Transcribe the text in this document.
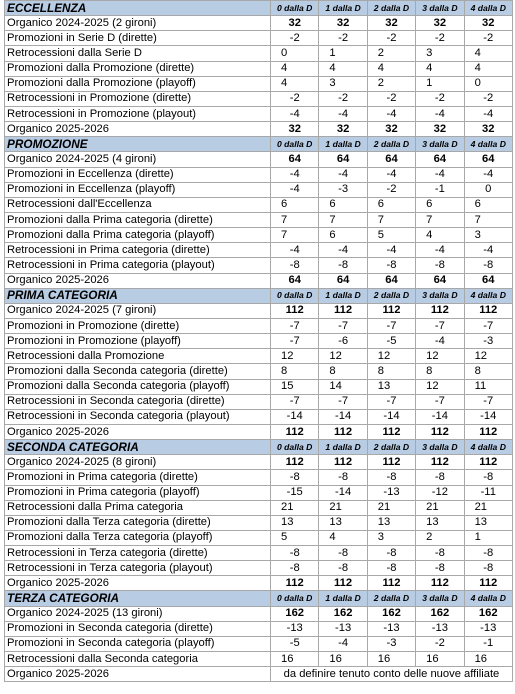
ECCELLENZA	0 dalla D	1 dalla D	2 dalla D	3 dalla D	4 dalla D
Organico 2024-2025 (2 gironi)	32	32	32	32	32
Promozioni in Serie D (dirette)	-2	-2	-2	-2	-2
Retrocessioni dalla Serie D	0	1	2	3	4
Promozioni dalla Promozione (dirette)	4	4	4	4	4
Promozioni dalla Promozione (playoff)	4	3	2	1	0
Retrocessioni in Promozione (dirette)	-2	-2	-2	-2	-2
Retrocessioni in Promozione (playout)	-4	-4	-4	-4	-4
Organico 2025-2026	32	32	32	32	32
PROMOZIONE	0 dalla D	1 dalla D	2 dalla D	3 dalla D	4 dalla D
Organico 2024-2025 (4 gironi)	64	64	64	64	64
Promozioni in Eccellenza (dirette)	-4	-4	-4	-4	-4
Promozioni in Eccellenza (playoff)	-4	-3	-2	-1	0
Retrocessioni dall'Eccellenza	6	6	6	6	6
Promozioni dalla Prima categoria (dirette)	7	7	7	7	7
Promozioni dalla Prima categoria (playoff)	7	6	5	4	3
Retrocessioni in Prima categoria (dirette)	-4	-4	-4	-4	-4
Retrocessioni in Prima categoria (playout)	-8	-8	-8	-8	-8
Organico 2025-2026	64	64	64	64	64
PRIMA CATEGORIA	0 dalla D	1 dalla D	2 dalla D	3 dalla D	4 dalla D
Organico 2024-2025 (7 gironi)	112	112	112	112	112
Promozioni in Promozione (dirette)	-7	-7	-7	-7	-7
Promozioni in Promozione (playoff)	-7	-6	-5	-4	-3
Retrocessioni dalla Promozione	12	12	12	12	12
Promozioni dalla Seconda categoria (dirette)	8	8	8	8	8
Promozioni dalla Seconda categoria (playoff)	15	14	13	12	11
Retrocessioni in Seconda categoria (dirette)	-7	-7	-7	-7	-7
Retrocessioni in Seconda categoria (playout)	-14	-14	-14	-14	-14
Organico 2025-2026	112	112	112	112	112
SECONDA CATEGORIA	0 dalla D	1 dalla D	2 dalla D	3 dalla D	4 dalla D
Organico 2024-2025 (8 gironi)	112	112	112	112	112
Promozioni in Prima categoria (dirette)	-8	-8	-8	-8	-8
Promozioni in Prima categoria (playoff)	-15	-14	-13	-12	-11
Retrocessioni dalla Prima categoria	21	21	21	21	21
Promozioni dalla Terza categoria (dirette)	13	13	13	13	13
Promozioni dalla Terza categoria (playoff)	5	4	3	2	1
Retrocessioni in Terza categoria (dirette)	-8	-8	-8	-8	-8
Retrocessioni in Terza categoria (playout)	-8	-8	-8	-8	-8
Organico 2025-2026	112	112	112	112	112
TERZA CATEGORIA	0 dalla D	1 dalla D	2 dalla D	3 dalla D	4 dalla D
Organico 2024-2025 (13 gironi)	162	162	162	162	162
Promozioni in Seconda categoria (dirette)	-13	-13	-13	-13	-13
Promozioni in Seconda categoria (playoff)	-5	-4	-3	-2	-1
Retrocessioni dalla Seconda categoria	16	16	16	16	16
Organico 2025-2026	da definire tenuto conto delle nuove affiliate				
